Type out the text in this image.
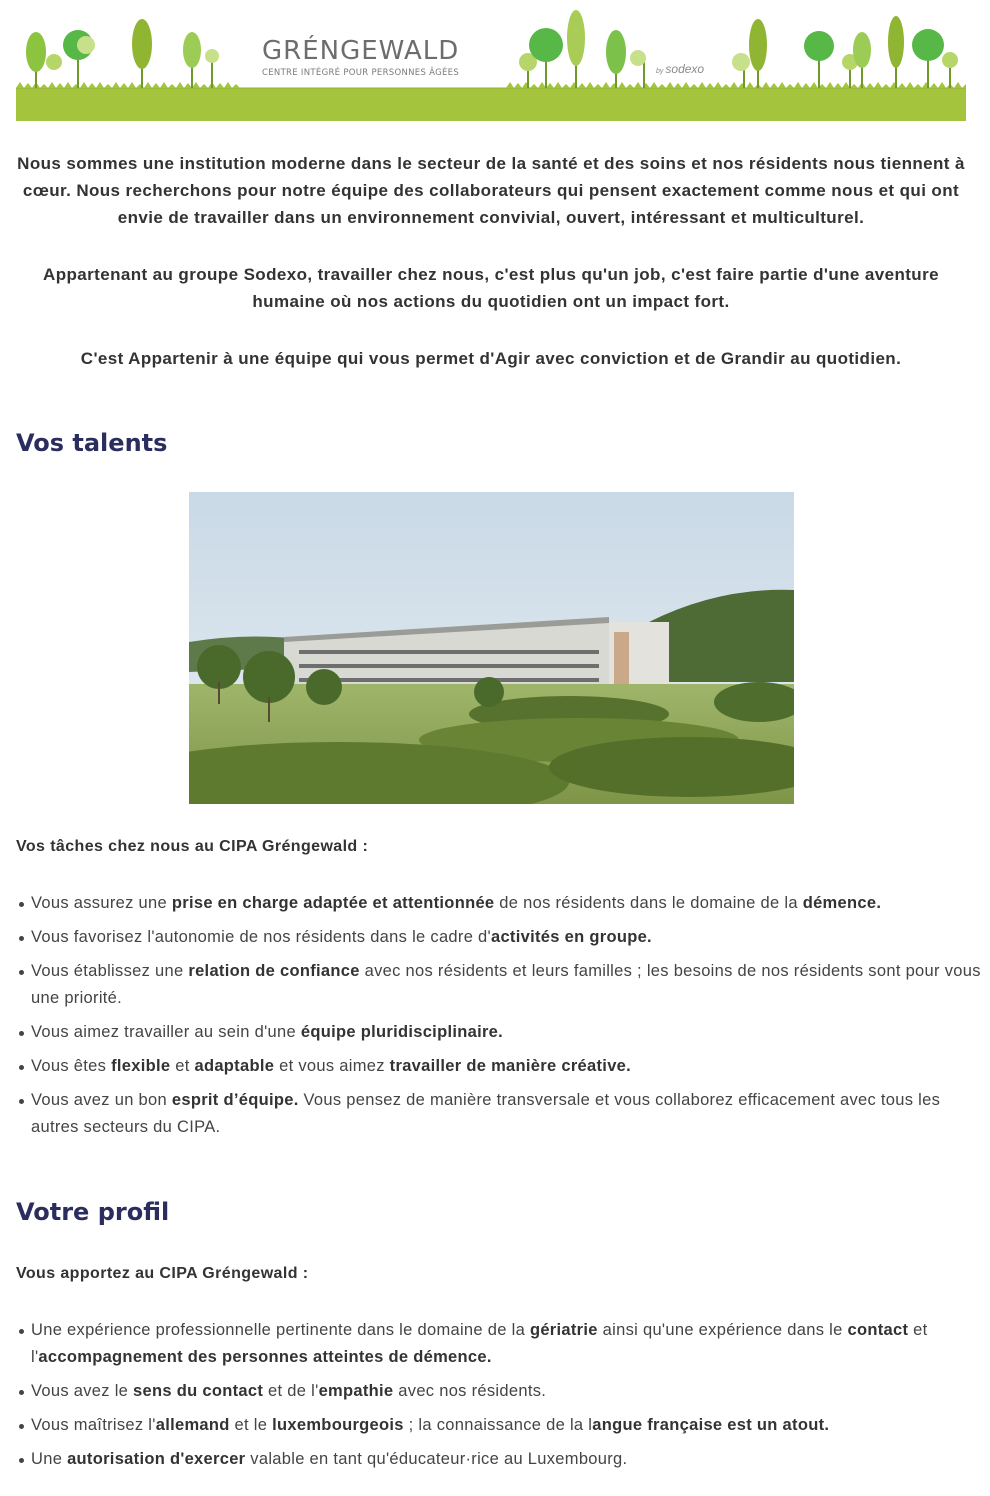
GRÉNGEWALD
CENTRE INTÉGRÉ POUR PERSONNES ÂGÉES	by sodexo

Nous sommes une institution moderne dans le secteur de la santé et des soins et nos résidents nous tiennent à cœur. Nous recherchons pour notre équipe des collaborateurs qui pensent exactement comme nous et qui ont envie de travailler dans un environnement convivial, ouvert, intéressant et multiculturel.

Appartenant au groupe Sodexo, travailler chez nous, c'est plus qu'un job, c'est faire partie d'une aventure humaine où nos actions du quotidien ont un impact fort.

C'est Appartenir à une équipe qui vous permet d'Agir avec conviction et de Grandir au quotidien.

Vos talents

Vos tâches chez nous au CIPA Gréngewald :

Vous assurez une prise en charge adaptée et attentionnée de nos résidents dans le domaine de la démence.
Vous favorisez l'autonomie de nos résidents dans le cadre d'activités en groupe.
Vous établissez une relation de confiance avec nos résidents et leurs familles ; les besoins de nos résidents sont pour vous une priorité.
Vous aimez travailler au sein d'une équipe pluridisciplinaire.
Vous êtes flexible et adaptable et vous aimez travailler de manière créative.
Vous avez un bon esprit d’équipe. Vous pensez de manière transversale et vous collaborez efficacement avec tous les autres secteurs du CIPA.
Votre profil

Vous apportez au CIPA Gréngewald :

Une expérience professionnelle pertinente dans le domaine de la gériatrie ainsi qu'une expérience dans le contact et l'accompagnement des personnes atteintes de démence.
Vous avez le sens du contact et de l'empathie avec nos résidents.
Vous maîtrisez l'allemand et le luxembourgeois ; la connaissance de la langue française est un atout.
Une autorisation d'exercer valable en tant qu'éducateur·rice au Luxembourg.
